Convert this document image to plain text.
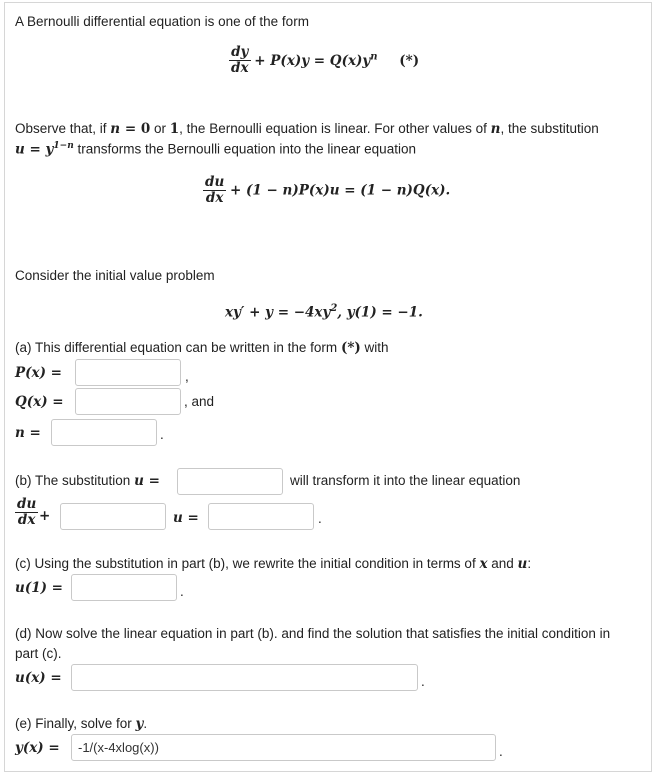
A Bernoulli differential equation is one of the form
$\frac{dy}{dx} + P(x)y = Q(x)y^n$ (*)
Observe that, if n = 0 or 1, the Bernoulli equation is linear. For other values of n, the substitution
$u = y^{1-n}$ transforms the Bernoulli equation into the linear equation
$\frac{du}{dx} + (1 - n)P(x)u = (1 - n)Q(x)$.
Consider the initial value problem
$xy' + y = -4xy^2$, y(1) = −1.
(a) This differential equation can be written in the form (*) with
P(x) =	,
Q(x) =	, and
n =	.
(b) The substitution u =	will transform it into the linear equation
$\frac{du}{dx}$ +	u =	.
(c) Using the substitution in part (b), we rewrite the initial condition in terms of x and u:
u(1) =	.
(d) Now solve the linear equation in part (b). and find the solution that satisfies the initial condition in
part (c).
u(x) =	.
(e) Finally, solve for y.
y(x) =	-1/(x-4xlog(x))	.
